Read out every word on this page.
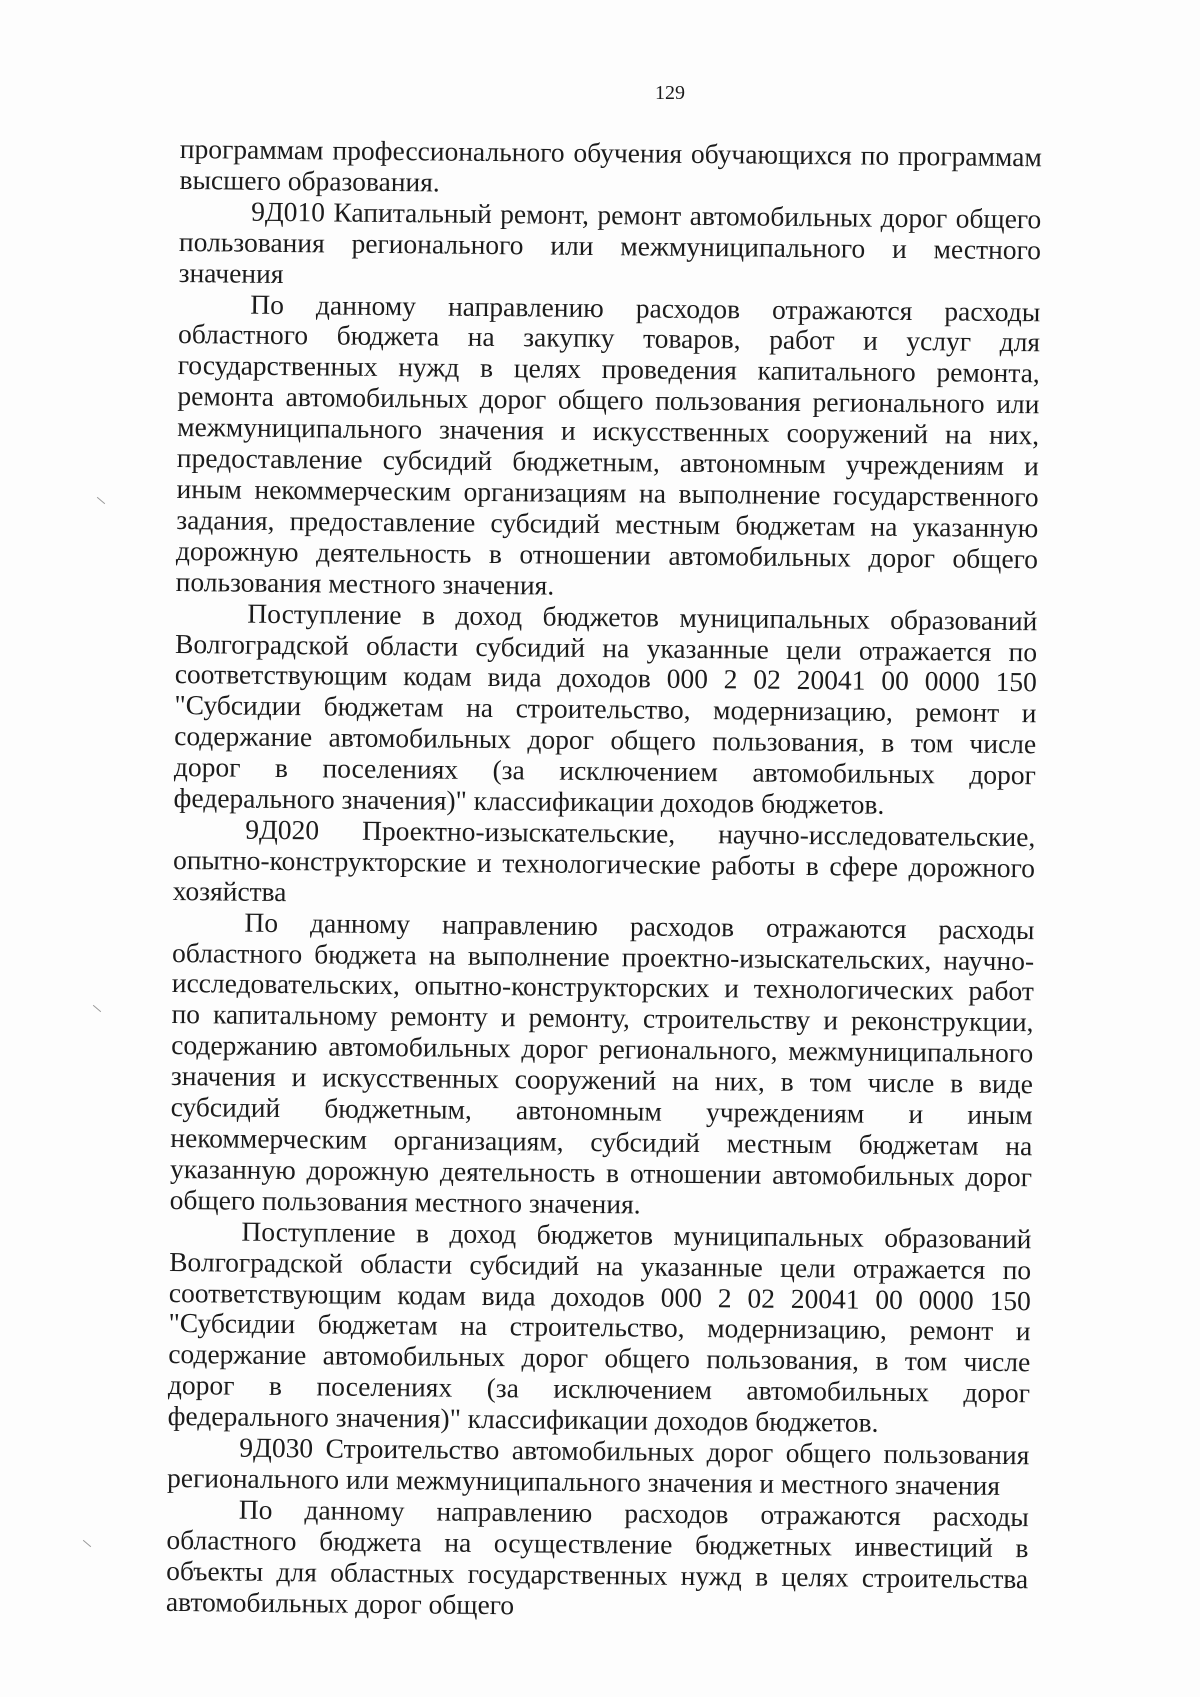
129

программам профессионального обучения обучающихся по программам высшего образования.

9Д010 Капитальный ремонт, ремонт автомобильных дорог общего пользования регионального или межмуниципального и местного значения

По данному направлению расходов отражаются расходы областного бюджета на закупку товаров, работ и услуг для государственных нужд в целях проведения капитального ремонта, ремонта автомобильных дорог общего пользования регионального или межмуниципального значения и искусственных сооружений на них, предоставление субсидий бюджетным, автономным учреждениям и иным некоммерческим организациям на выполнение государственного задания, предоставление субсидий местным бюджетам на указанную дорожную деятельность в отношении автомобильных дорог общего пользования местного значения.

Поступление в доход бюджетов муниципальных образований Волгоградской области субсидий на указанные цели отражается по соответствующим кодам вида доходов 000 2 02 20041 00 0000 150 "Субсидии бюджетам на строительство, модернизацию, ремонт и содержание автомобильных дорог общего пользования, в том числе дорог в поселениях (за исключением автомобильных дорог федерального значения)" классификации доходов бюджетов.

9Д020 Проектно-изыскательские, научно-исследовательские, опытно-конструкторские и технологические работы в сфере дорожного хозяйства

По данному направлению расходов отражаются расходы областного бюджета на выполнение проектно-изыскательских, научно-исследовательских, опытно-конструкторских и технологических работ по капитальному ремонту и ремонту, строительству и реконструкции, содержанию автомобильных дорог регионального, межмуниципального значения и искусственных сооружений на них, в том числе в виде субсидий бюджетным, автономным учреждениям и иным некоммерческим организациям, субсидий местным бюджетам на указанную дорожную деятельность в отношении автомобильных дорог общего пользования местного значения.

Поступление в доход бюджетов муниципальных образований Волгоградской области субсидий на указанные цели отражается по соответствующим кодам вида доходов 000 2 02 20041 00 0000 150 "Субсидии бюджетам на строительство, модернизацию, ремонт и содержание автомобильных дорог общего пользования, в том числе дорог в поселениях (за исключением автомобильных дорог федерального значения)" классификации доходов бюджетов.

9Д030 Строительство автомобильных дорог общего пользования регионального или межмуниципального значения и местного значения

По данному направлению расходов отражаются расходы областного бюджета на осуществление бюджетных инвестиций в объекты для областных государственных нужд в целях строительства автомобильных дорог общего
